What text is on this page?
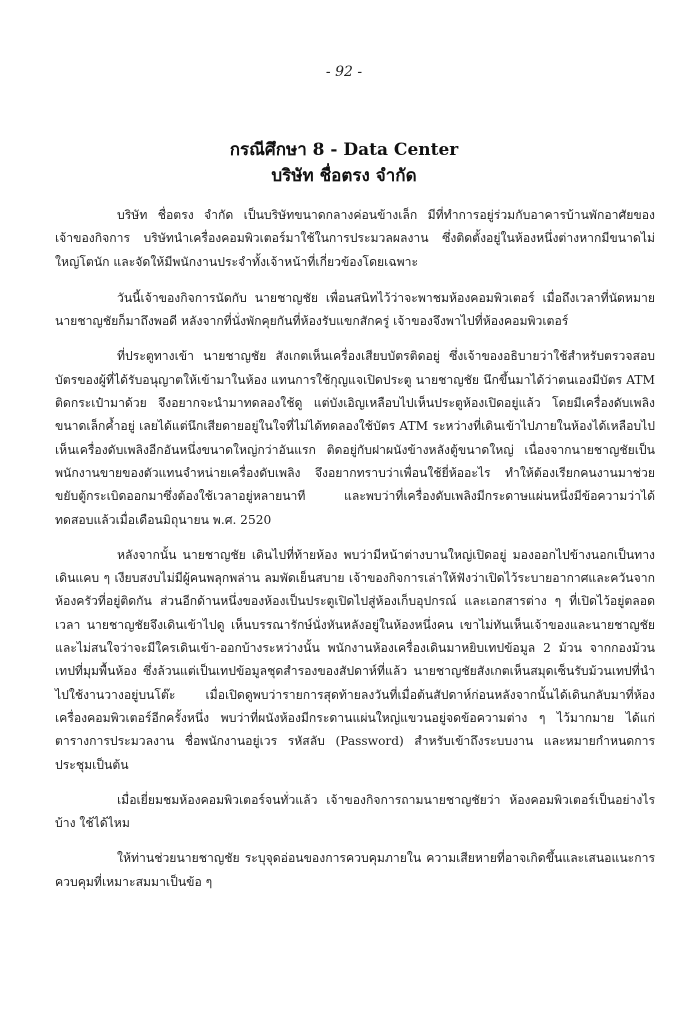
- 92 -
กรณีศึกษา 8 - Data Center
บริษัท ชื่อตรง จำกัด

บริษัท ชื่อตรง จำกัด เป็นบริษัทขนาดกลางค่อนข้างเล็ก มีที่ทำการอยู่ร่วมกับอาคารบ้านพักอาศัยของเจ้าของกิจการ บริษัทนำเครื่องคอมพิวเตอร์มาใช้ในการประมวลผลงาน ซึ่งติดตั้งอยู่ในห้องหนึ่งต่างหากมีขนาดไม่ใหญ่โตนัก และจัดให้มีพนักงานประจำทั้งเจ้าหน้าที่เกี่ยวข้องโดยเฉพาะ

วันนี้เจ้าของกิจการนัดกับ นายชาญชัย เพื่อนสนิทไว้ว่าจะพาชมห้องคอมพิวเตอร์ เมื่อถึงเวลาที่นัดหมาย นายชาญชัยก็มาถึงพอดี หลังจากที่นั่งพักคุยกันที่ห้องรับแขกสักครู่ เจ้าของจึงพาไปที่ห้องคอมพิวเตอร์

ที่ประตูทางเข้า นายชาญชัย สังเกตเห็นเครื่องเสียบบัตรติดอยู่ ซึ่งเจ้าของอธิบายว่าใช้สำหรับตรวจสอบบัตรของผู้ที่ได้รับอนุญาตให้เข้ามาในห้อง แทนการใช้กุญแจเปิดประตู นายชาญชัย นึกขึ้นมาได้ว่าตนเองมีบัตร ATM ติดกระเป๋ามาด้วย จึงอยากจะนำมาทดลองใช้ดู แต่บังเอิญเหลือบไปเห็นประตูห้องเปิดอยู่แล้ว โดยมีเครื่องดับเพลิงขนาดเล็กค้ำอยู่ เลยได้แต่นึกเสียดายอยู่ในใจที่ไม่ได้ทดลองใช้บัตร ATM ระหว่างที่เดินเข้าไปภายในห้องได้เหลือบไปเห็นเครื่องดับเพลิงอีกอันหนึ่งขนาดใหญ่กว่าอันแรก ติดอยู่กับฝาผนังข้างหลังตู้ขนาดใหญ่ เนื่องจากนายชาญชัยเป็นพนักงานขายของตัวแทนจำหน่ายเครื่องดับเพลิง จึงอยากทราบว่าเพื่อนใช้ยี่ห้ออะไร ทำให้ต้องเรียกคนงานมาช่วยขยับตู้กระเบิดออกมาซึ่งต้องใช้เวลาอยู่หลายนาที และพบว่าที่เครื่องดับเพลิงมีกระดาษแผ่นหนึ่งมีข้อความว่าได้ทดสอบแล้วเมื่อเดือนมิถุนายน พ.ศ. 2520

หลังจากนั้น นายชาญชัย เดินไปที่ท้ายห้อง พบว่ามีหน้าต่างบานใหญ่เปิดอยู่ มองออกไปข้างนอกเป็นทางเดินแคบ ๆ เงียบสงบไม่มีผู้คนพลุกพล่าน ลมพัดเย็นสบาย เจ้าของกิจการเล่าให้ฟังว่าเปิดไว้ระบายอากาศและควันจากห้องครัวที่อยู่ติดกัน ส่วนอีกด้านหนึ่งของห้องเป็นประตูเปิดไปสู่ห้องเก็บอุปกรณ์ และเอกสารต่าง ๆ ที่เปิดไว้อยู่ตลอดเวลา นายชาญชัยจึงเดินเข้าไปดู เห็นบรรณารักษ์นั่งหันหลังอยู่ในห้องหนึ่งคน เขาไม่ทันเห็นเจ้าของและนายชาญชัย และไม่สนใจว่าจะมีใครเดินเข้า-ออกบ้างระหว่างนั้น พนักงานห้องเครื่องเดินมาหยิบเทปข้อมูล 2 ม้วน จากกองม้วนเทปที่มุมพื้นห้อง ซึ่งล้วนแต่เป็นเทปข้อมูลชุดสำรองของสัปดาห์ที่แล้ว นายชาญชัยสังเกตเห็นสมุดเซ็นรับม้วนเทปที่นำไปใช้งานวางอยู่บนโต๊ะ เมื่อเปิดดูพบว่ารายการสุดท้ายลงวันที่เมื่อต้นสัปดาห์ก่อนหลังจากนั้นได้เดินกลับมาที่ห้องเครื่องคอมพิวเตอร์อีกครั้งหนึ่ง พบว่าที่ผนังห้องมีกระดานแผ่นใหญ่แขวนอยู่จดข้อความต่าง ๆ ไว้มากมาย ได้แก่ ตารางการประมวลงาน ชื่อพนักงานอยู่เวร รหัสลับ (Password) สำหรับเข้าถึงระบบงาน และหมายกำหนดการประชุมเป็นต้น

เมื่อเยี่ยมชมห้องคอมพิวเตอร์จนทั่วแล้ว เจ้าของกิจการถามนายชาญชัยว่า ห้องคอมพิวเตอร์เป็นอย่างไรบ้าง ใช้ได้ไหม

ให้ท่านช่วยนายชาญชัย ระบุจุดอ่อนของการควบคุมภายใน ความเสียหายที่อาจเกิดขึ้นและเสนอแนะการควบคุมที่เหมาะสมมาเป็นข้อ ๆ
